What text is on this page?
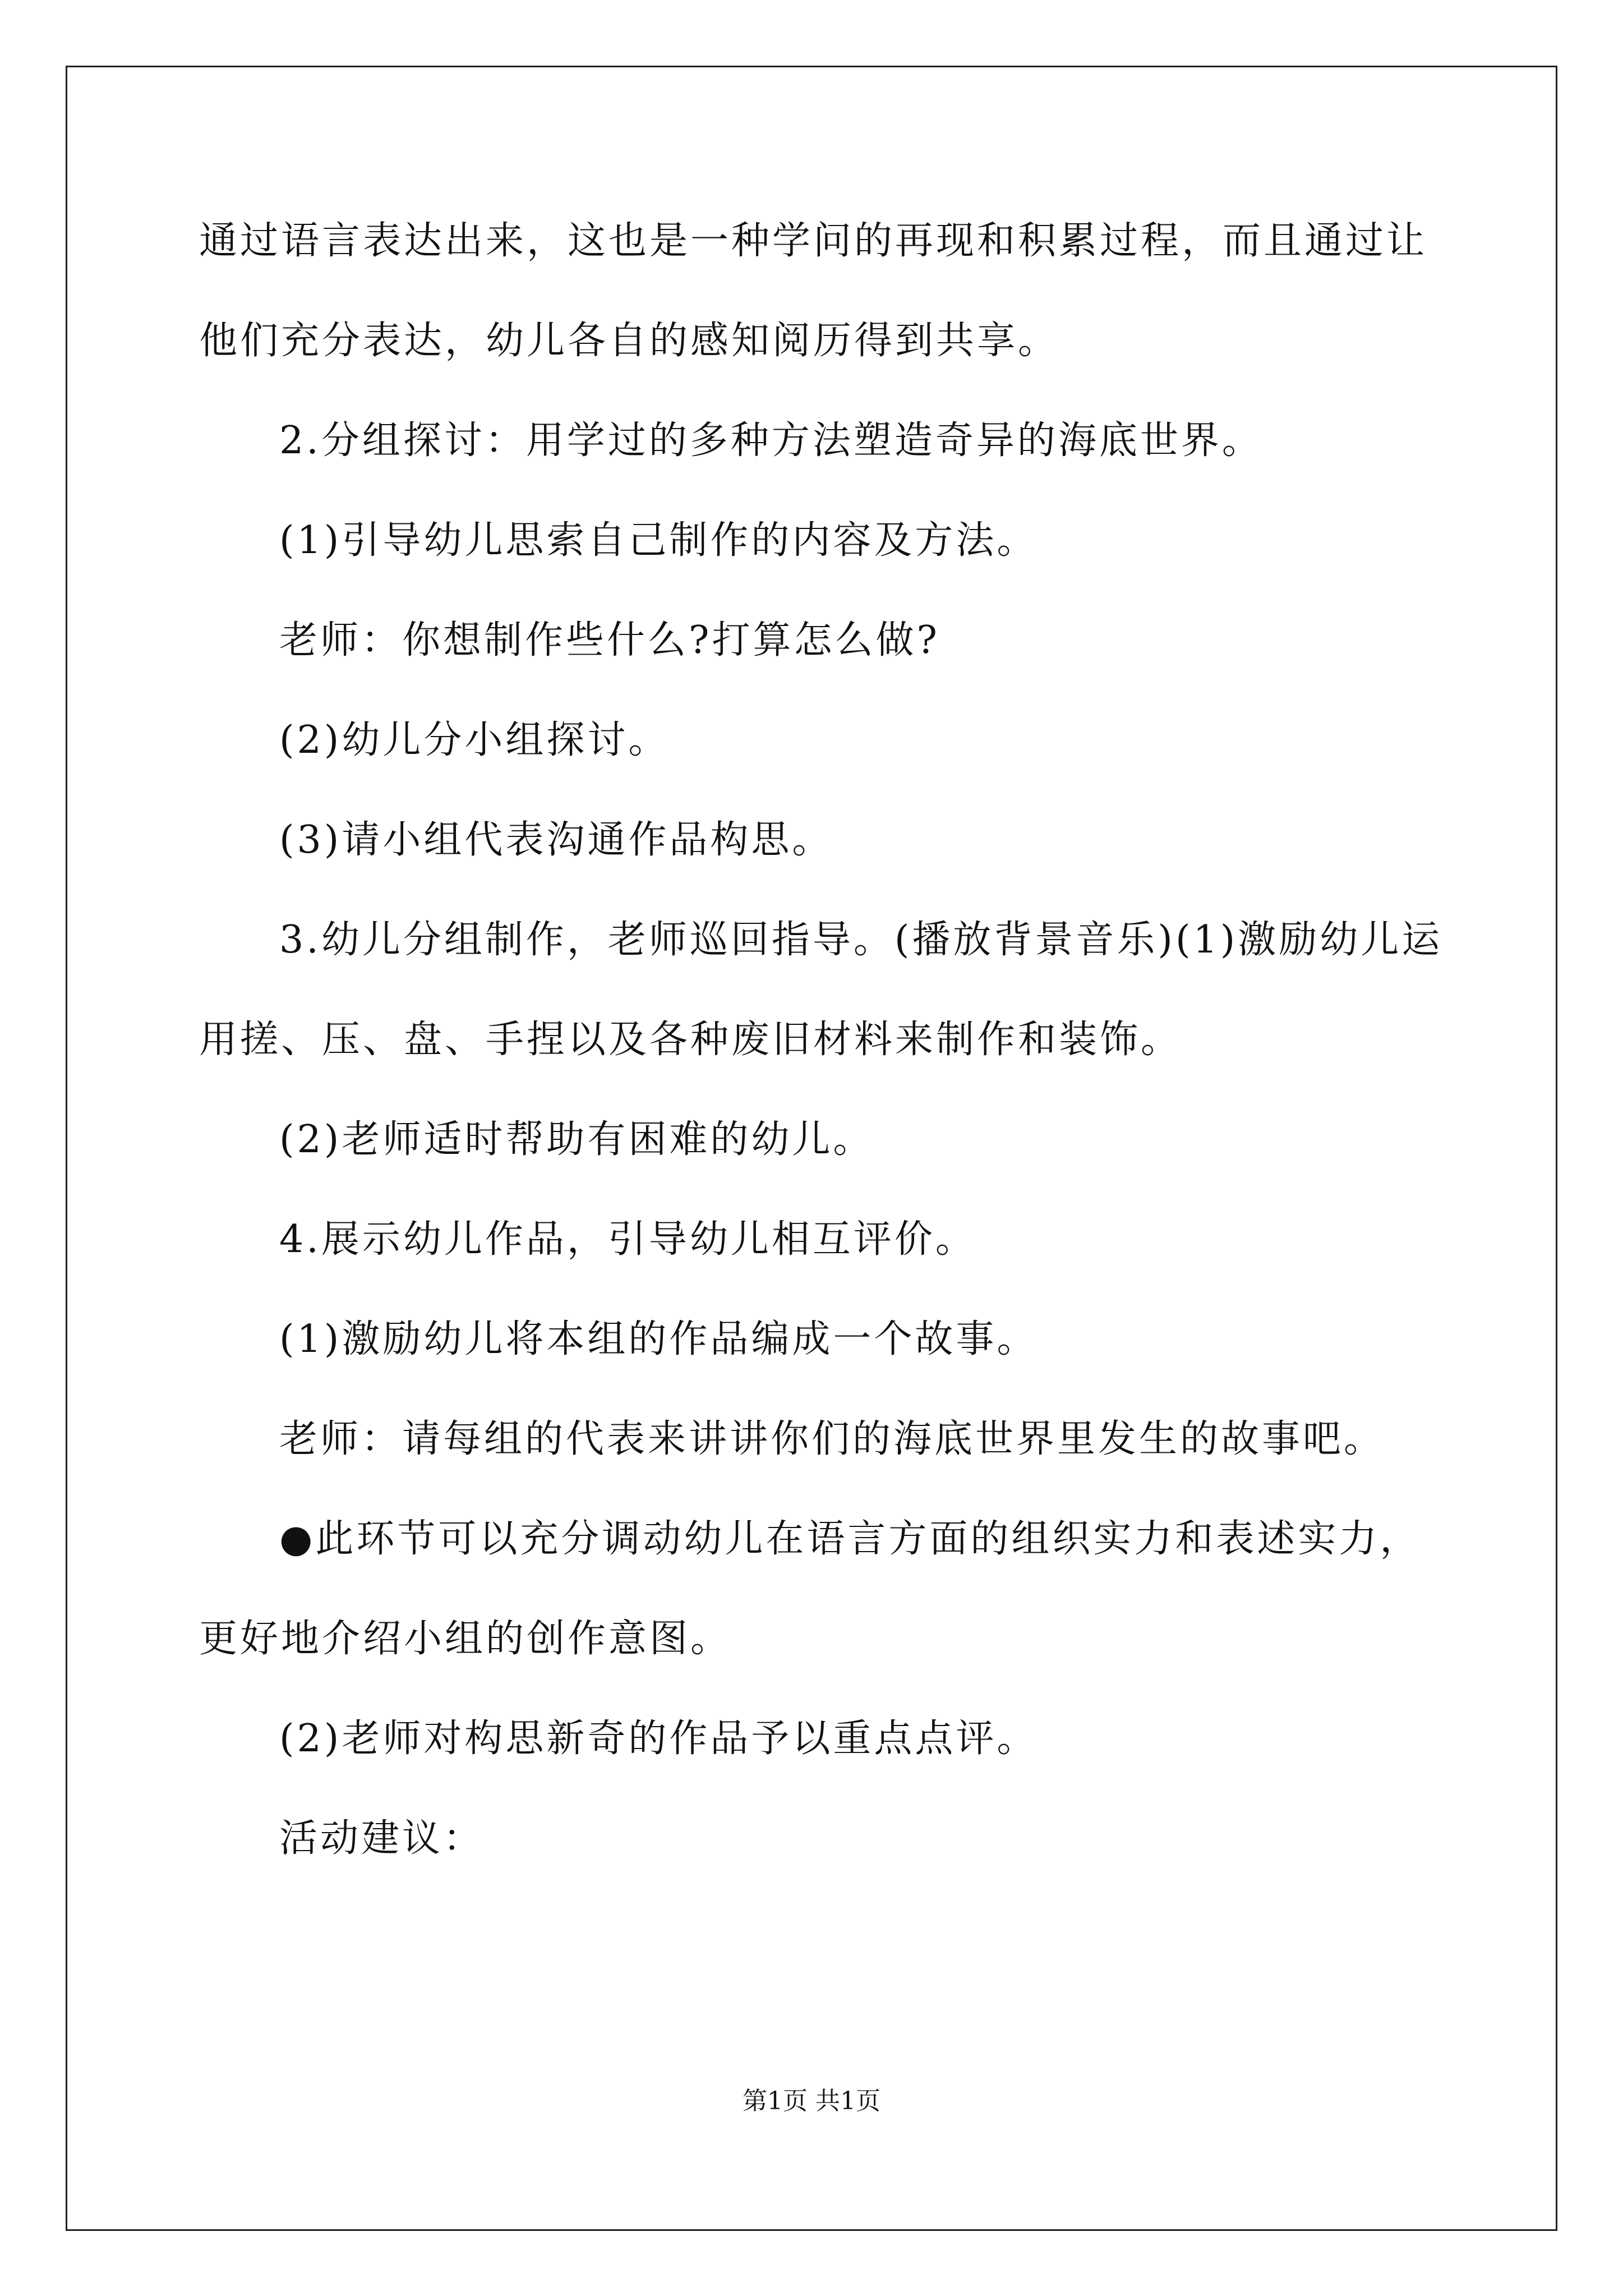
通过语言表达出来，这也是一种学问的再现和积累过程，而且通过让
他们充分表达，幼儿各自的感知阅历得到共享。
2.分组探讨：用学过的多种方法塑造奇异的海底世界。
(1)引导幼儿思索自己制作的内容及方法。
老师：你想制作些什么?打算怎么做?
(2)幼儿分小组探讨。
(3)请小组代表沟通作品构思。
3.幼儿分组制作，老师巡回指导。(播放背景音乐)(1)激励幼儿运
用搓、压、盘、手捏以及各种废旧材料来制作和装饰。
(2)老师适时帮助有困难的幼儿。
4.展示幼儿作品，引导幼儿相互评价。
(1)激励幼儿将本组的作品编成一个故事。
老师：请每组的代表来讲讲你们的海底世界里发生的故事吧。
●此环节可以充分调动幼儿在语言方面的组织实力和表述实力，
更好地介绍小组的创作意图。
(2)老师对构思新奇的作品予以重点点评。
活动建议：
第1页 共1页
